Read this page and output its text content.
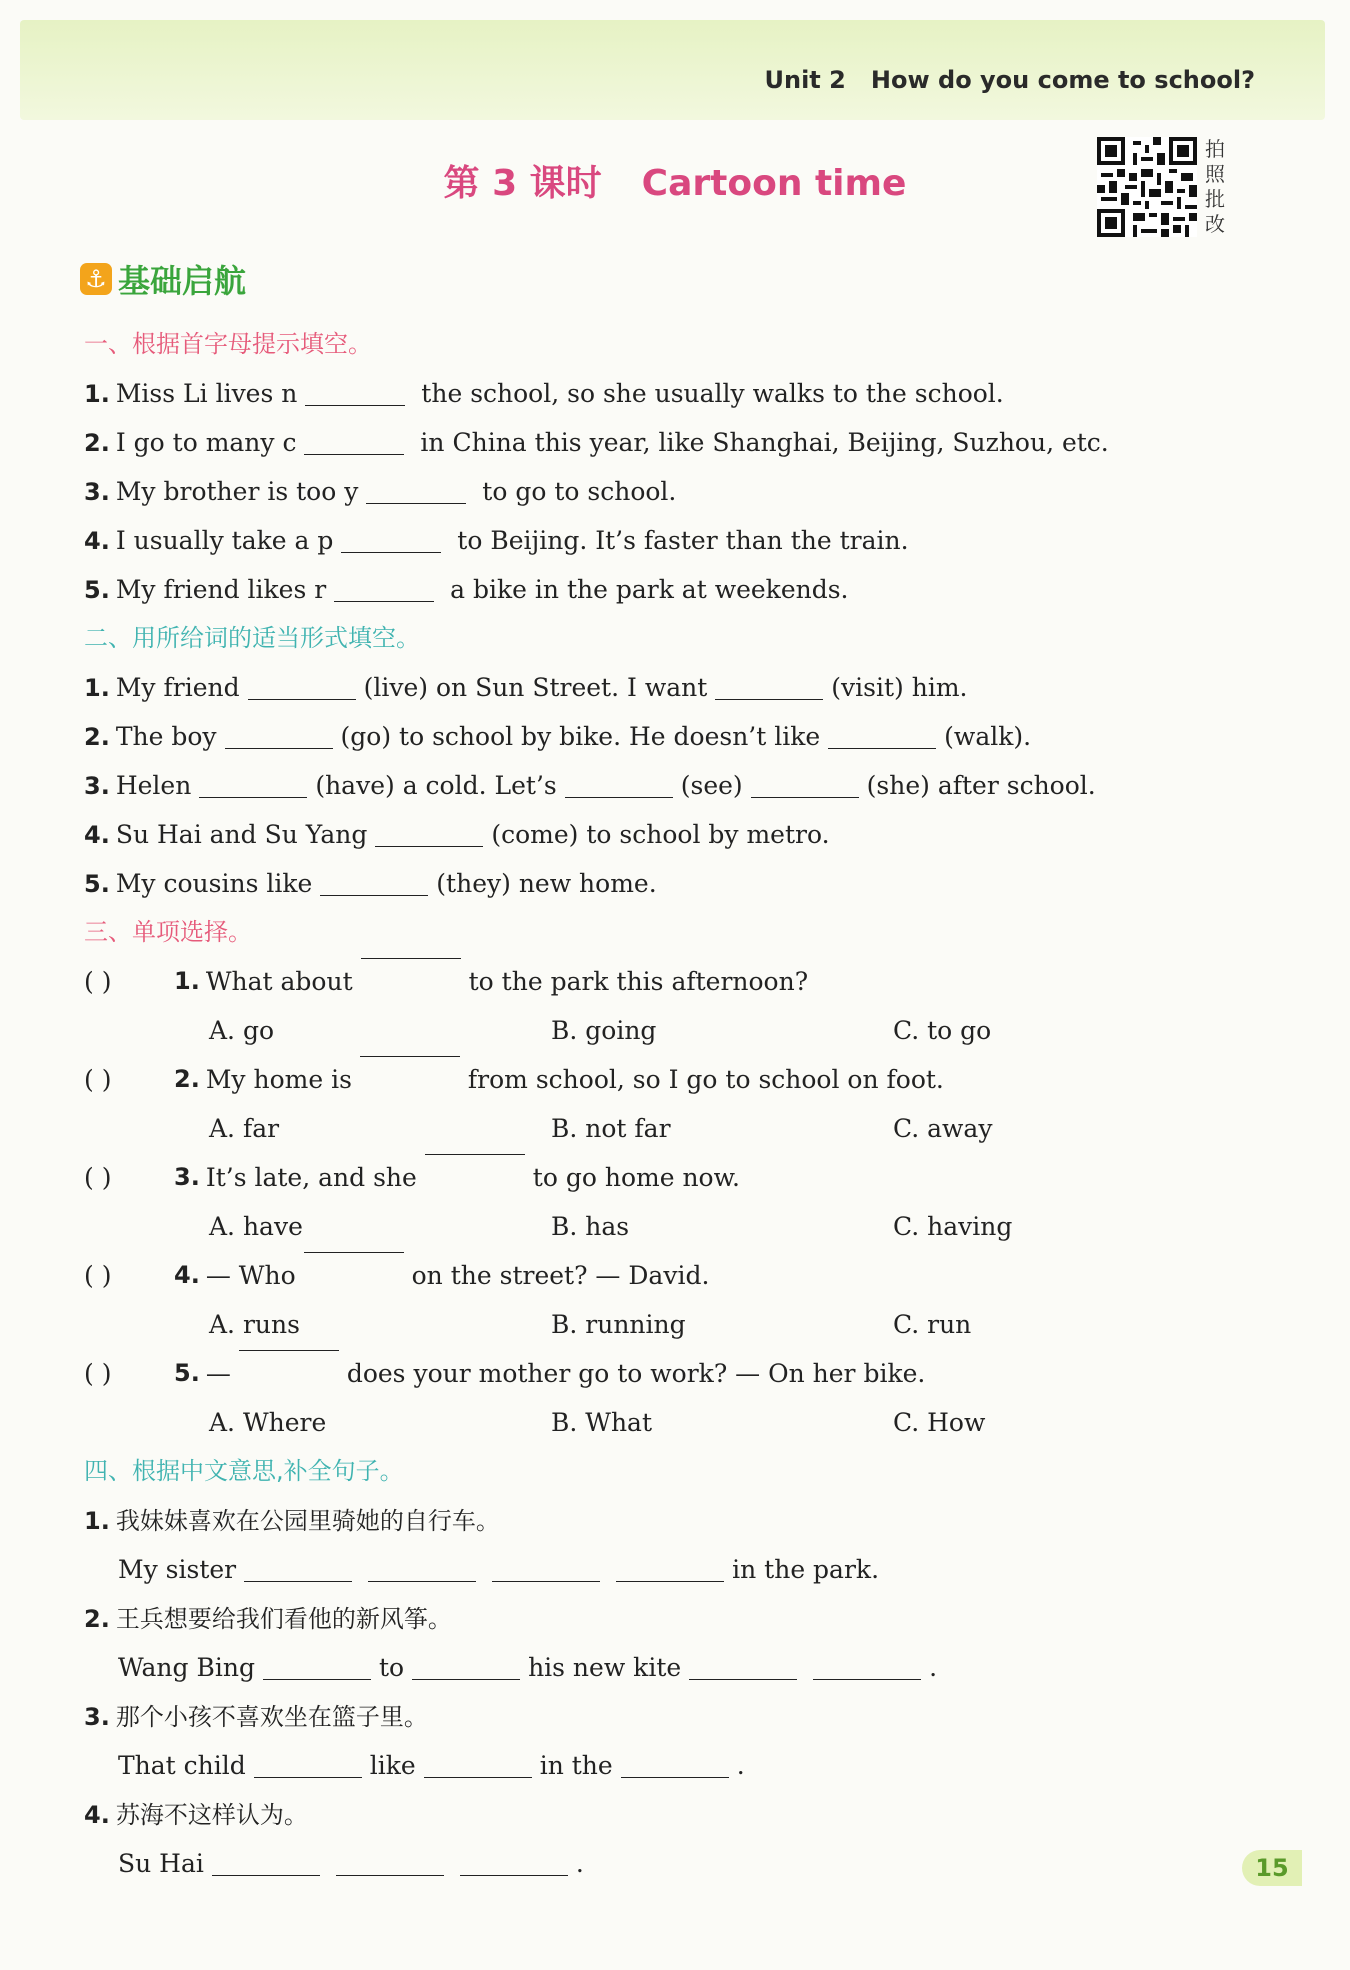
Unit 2 How do you come to school?
第 3 课时 Cartoon time
拍照批改
⚓ 基础启航
一、根据首字母提示填空。
1. Miss Li lives n	the school, so she usually walks to the school.
2. I go to many c	in China this year, like Shanghai, Beijing, Suzhou, etc.
3. My brother is too y	to go to school.
4. I usually take a p	to Beijing. It’s faster than the train.
5. My friend likes r	a bike in the park at weekends.
二、用所给词的适当形式填空。
1. My friend	(live) on Sun Street. I want	(visit) him.
2. The boy	(go) to school by bike. He doesn’t like	(walk).
3. Helen	(have) a cold. Let’s	(see)	(she) after school.
4. Su Hai and Su Yang	(come) to school by metro.
5. My cousins like	(they) new home.
三、单项选择。
( )	1. What about	to the park this afternoon?
A. go	B. going	C. to go
( )	2. My home is	from school, so I go to school on foot.
A. far	B. not far	C. away
( )	3. It’s late, and she	to go home now.
A. have	B. has	C. having
( )	4. — Who	on the street? — David.
A. runs	B. running	C. run
( )	5. —	does your mother go to work? — On her bike.
A. Where	B. What	C. How
四、根据中文意思,补全句子。
1. 我妹妹喜欢在公园里骑她的自行车。
My sister	in the park.
2. 王兵想要给我们看他的新风筝。
Wang Bing	to	his new kite	.
3. 那个小孩不喜欢坐在篮子里。
That child	like	in the	.
4. 苏海不这样认为。
Su Hai	.	15
